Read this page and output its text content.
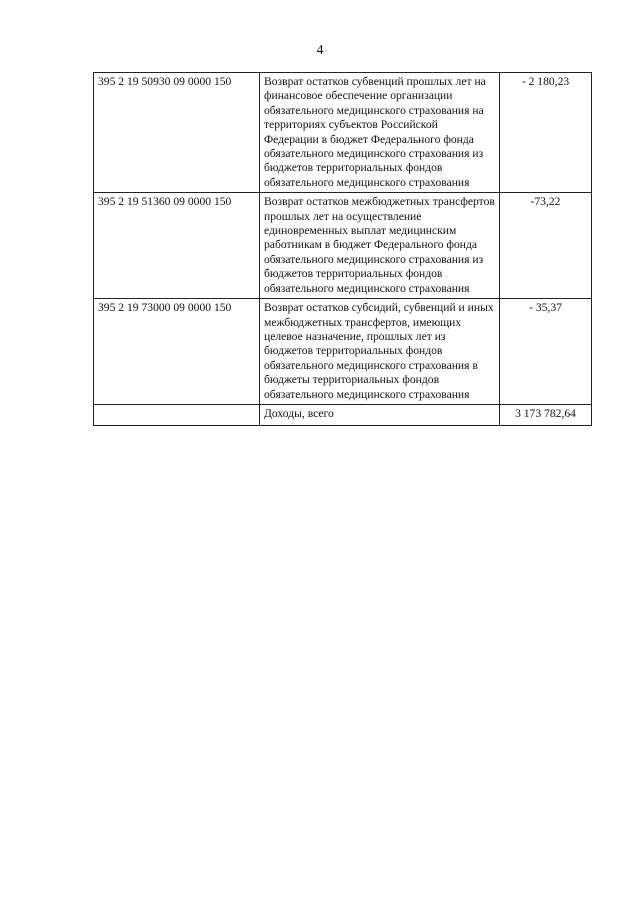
4
395 2 19 50930 09 0000 150	Возврат остатков субвенций прошлых лет на финансовое обеспечение организации обязательного медицинского страхования на территориях субъектов Российской Федерации в бюджет Федерального фонда обязательного медицинского страхования из бюджетов территориальных фондов обязательного медицинского страхования	- 2 180,23
395 2 19 51360 09 0000 150	Возврат остатков межбюджетных трансфертов прошлых лет на осуществление единовременных выплат медицинским работникам в бюджет Федерального фонда обязательного медицинского страхования из бюджетов территориальных фондов обязательного медицинского страхования	-73,22
395 2 19 73000 09 0000 150	Возврат остатков субсидий, субвенций и иных межбюджетных трансфертов, имеющих целевое назначение, прошлых лет из бюджетов территориальных фондов обязательного медицинского страхования в бюджеты территориальных фондов обязательного медицинского страхования	- 35,37
	Доходы, всего	3 173 782,64
